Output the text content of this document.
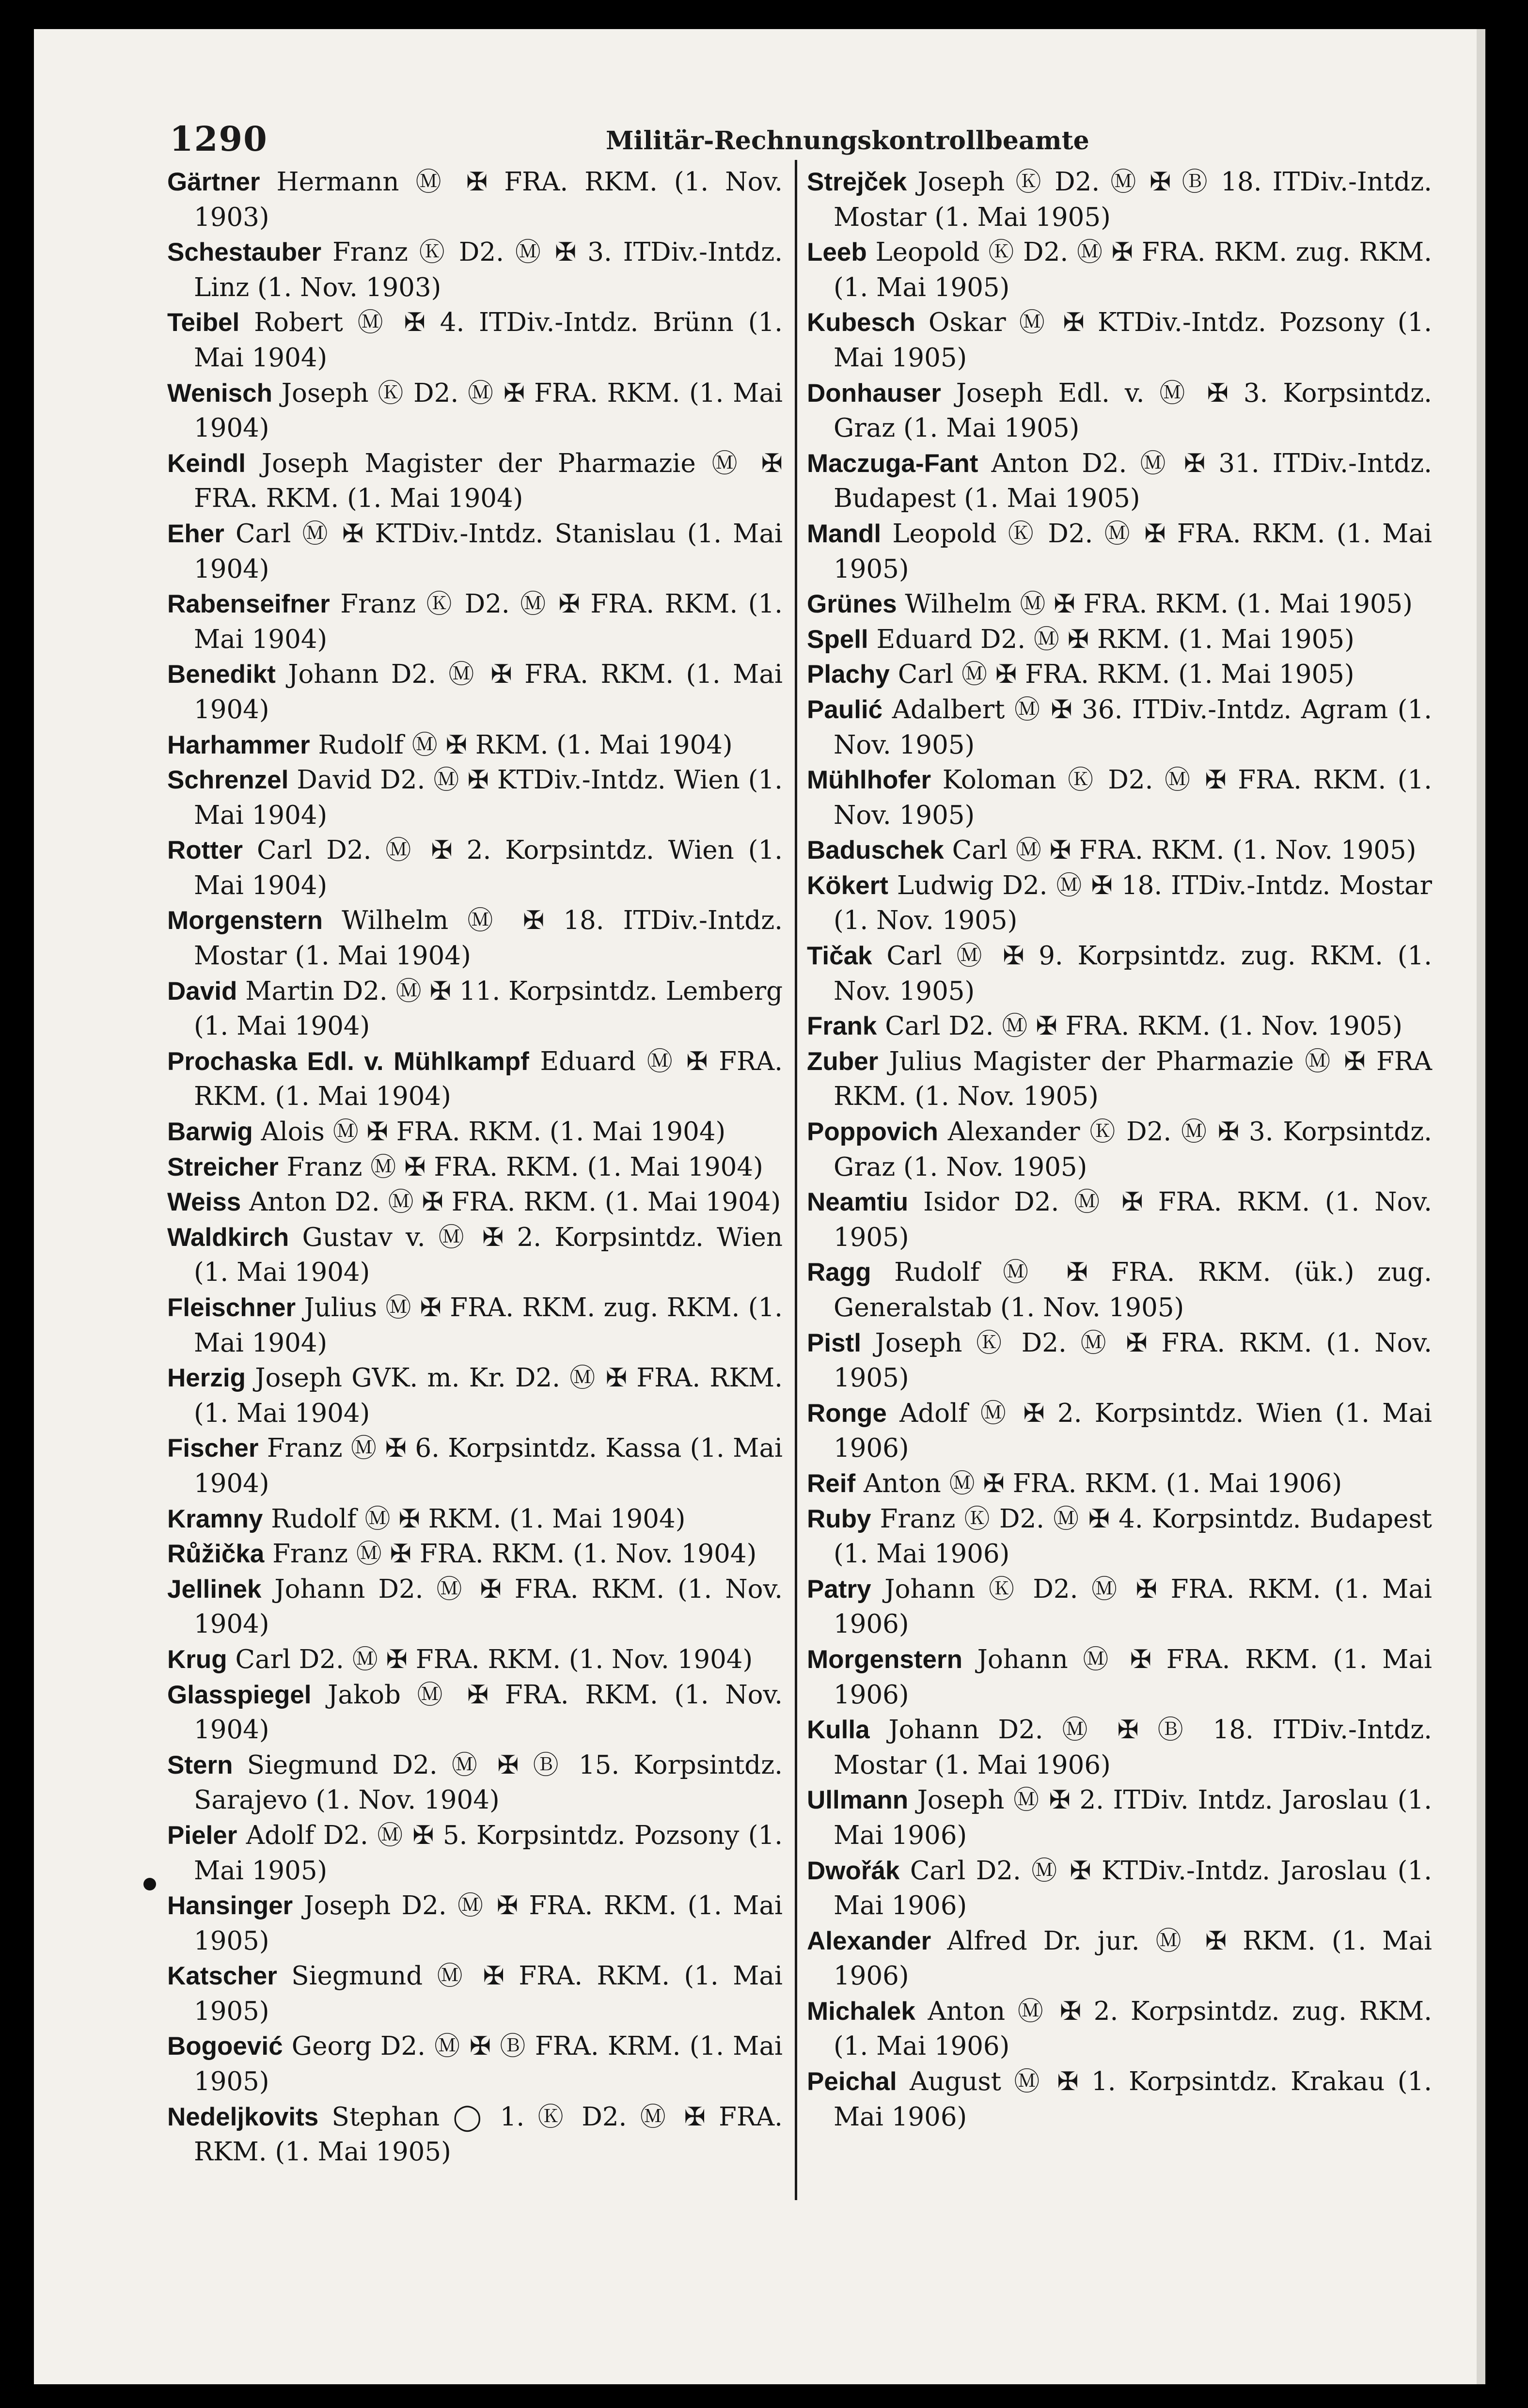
1290	Militär-Rechnungskontrollbeamte
Gärtner Hermann Ⓜ ✠ FRA. RKM. (1. Nov. 1903)
Schestauber Franz Ⓚ D2. Ⓜ ✠ 3. ITDiv.-Intdz. Linz (1. Nov. 1903)
Teibel Robert Ⓜ ✠ 4. ITDiv.-Intdz. Brünn (1. Mai 1904)
Wenisch Joseph Ⓚ D2. Ⓜ ✠ FRA. RKM. (1. Mai 1904)
Keindl Joseph Magister der Pharmazie Ⓜ ✠ FRA. RKM. (1. Mai 1904)
Eher Carl Ⓜ ✠ KTDiv.-Intdz. Stanislau (1. Mai 1904)
Rabenseifner Franz Ⓚ D2. Ⓜ ✠ FRA. RKM. (1. Mai 1904)
Benedikt Johann D2. Ⓜ ✠ FRA. RKM. (1. Mai 1904)
Harhammer Rudolf Ⓜ ✠ RKM. (1. Mai 1904)
Schrenzel David D2. Ⓜ ✠ KTDiv.-Intdz. Wien (1. Mai 1904)
Rotter Carl D2. Ⓜ ✠ 2. Korpsintdz. Wien (1. Mai 1904)
Morgenstern Wilhelm Ⓜ ✠ 18. ITDiv.-Intdz. Mostar (1. Mai 1904)
David Martin D2. Ⓜ ✠ 11. Korpsintdz. Lemberg (1. Mai 1904)
Prochaska Edl. v. Mühlkampf Eduard Ⓜ ✠ FRA. RKM. (1. Mai 1904)
Barwig Alois Ⓜ ✠ FRA. RKM. (1. Mai 1904)
Streicher Franz Ⓜ ✠ FRA. RKM. (1. Mai 1904)
Weiss Anton D2. Ⓜ ✠ FRA. RKM. (1. Mai 1904)
Waldkirch Gustav v. Ⓜ ✠ 2. Korpsintdz. Wien (1. Mai 1904)
Fleischner Julius Ⓜ ✠ FRA. RKM. zug. RKM. (1. Mai 1904)
Herzig Joseph GVK. m. Kr. D2. Ⓜ ✠ FRA. RKM. (1. Mai 1904)
Fischer Franz Ⓜ ✠ 6. Korpsintdz. Kassa (1. Mai 1904)
Kramny Rudolf Ⓜ ✠ RKM. (1. Mai 1904)
Růžička Franz Ⓜ ✠ FRA. RKM. (1. Nov. 1904)
Jellinek Johann D2. Ⓜ ✠ FRA. RKM. (1. Nov. 1904)
Krug Carl D2. Ⓜ ✠ FRA. RKM. (1. Nov. 1904)
Glasspiegel Jakob Ⓜ ✠ FRA. RKM. (1. Nov. 1904)
Stern Siegmund D2. Ⓜ ✠ Ⓑ 15. Korpsintdz. Sarajevo (1. Nov. 1904)
Pieler Adolf D2. Ⓜ ✠ 5. Korpsintdz. Pozsony (1. Mai 1905)
Hansinger Joseph D2. Ⓜ ✠ FRA. RKM. (1. Mai 1905)
Katscher Siegmund Ⓜ ✠ FRA. RKM. (1. Mai 1905)
Bogoević Georg D2. Ⓜ ✠ Ⓑ FRA. KRM. (1. Mai 1905)
Nedeljkovits Stephan ◯ 1. Ⓚ D2. Ⓜ ✠ FRA. RKM. (1. Mai 1905)
Strejček Joseph Ⓚ D2. Ⓜ ✠ Ⓑ 18. ITDiv.-Intdz. Mostar (1. Mai 1905)
Leeb Leopold Ⓚ D2. Ⓜ ✠ FRA. RKM. zug. RKM. (1. Mai 1905)
Kubesch Oskar Ⓜ ✠ KTDiv.-Intdz. Pozsony (1. Mai 1905)
Donhauser Joseph Edl. v. Ⓜ ✠ 3. Korpsintdz. Graz (1. Mai 1905)
Maczuga-Fant Anton D2. Ⓜ ✠ 31. ITDiv.-Intdz. Budapest (1. Mai 1905)
Mandl Leopold Ⓚ D2. Ⓜ ✠ FRA. RKM. (1. Mai 1905)
Grünes Wilhelm Ⓜ ✠ FRA. RKM. (1. Mai 1905)
Spell Eduard D2. Ⓜ ✠ RKM. (1. Mai 1905)
Plachy Carl Ⓜ ✠ FRA. RKM. (1. Mai 1905)
Paulić Adalbert Ⓜ ✠ 36. ITDiv.-Intdz. Agram (1. Nov. 1905)
Mühlhofer Koloman Ⓚ D2. Ⓜ ✠ FRA. RKM. (1. Nov. 1905)
Baduschek Carl Ⓜ ✠ FRA. RKM. (1. Nov. 1905)
Kökert Ludwig D2. Ⓜ ✠ 18. ITDiv.-Intdz. Mostar (1. Nov. 1905)
Tičak Carl Ⓜ ✠ 9. Korpsintdz. zug. RKM. (1. Nov. 1905)
Frank Carl D2. Ⓜ ✠ FRA. RKM. (1. Nov. 1905)
Zuber Julius Magister der Pharmazie Ⓜ ✠ FRA RKM. (1. Nov. 1905)
Poppovich Alexander Ⓚ D2. Ⓜ ✠ 3. Korpsintdz. Graz (1. Nov. 1905)
Neamtiu Isidor D2. Ⓜ ✠ FRA. RKM. (1. Nov. 1905)
Ragg Rudolf Ⓜ ✠ FRA. RKM. (ük.) zug. Generalstab (1. Nov. 1905)
Pistl Joseph Ⓚ D2. Ⓜ ✠ FRA. RKM. (1. Nov. 1905)
Ronge Adolf Ⓜ ✠ 2. Korpsintdz. Wien (1. Mai 1906)
Reif Anton Ⓜ ✠ FRA. RKM. (1. Mai 1906)
Ruby Franz Ⓚ D2. Ⓜ ✠ 4. Korpsintdz. Budapest (1. Mai 1906)
Patry Johann Ⓚ D2. Ⓜ ✠ FRA. RKM. (1. Mai 1906)
Morgenstern Johann Ⓜ ✠ FRA. RKM. (1. Mai 1906)
Kulla Johann D2. Ⓜ ✠ Ⓑ 18. ITDiv.-Intdz. Mostar (1. Mai 1906)
Ullmann Joseph Ⓜ ✠ 2. ITDiv. Intdz. Jaroslau (1. Mai 1906)
Dwořák Carl D2. Ⓜ ✠ KTDiv.-Intdz. Jaroslau (1. Mai 1906)
Alexander Alfred Dr. jur. Ⓜ ✠ RKM. (1. Mai 1906)
Michalek Anton Ⓜ ✠ 2. Korpsintdz. zug. RKM. (1. Mai 1906)
Peichal August Ⓜ ✠ 1. Korpsintdz. Krakau (1. Mai 1906)
